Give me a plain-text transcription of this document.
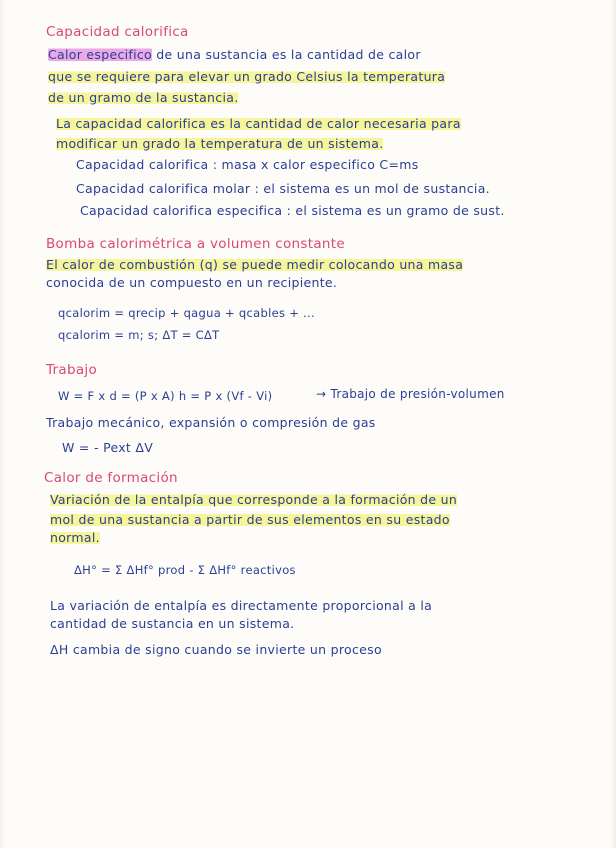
Capacidad calorifica
Calor especifico de una sustancia es la cantidad de calor
que se requiere para elevar un grado Celsius la temperatura
de un gramo de la sustancia.
La capacidad calorifica es la cantidad de calor necesaria para
modificar un grado la temperatura de un sistema.
Capacidad calorifica : masa x calor especifico C=ms
Capacidad calorifica molar : el sistema es un mol de sustancia.
Capacidad calorifica especifica : el sistema es un gramo de sust.
Bomba calorimétrica a volumen constante
El calor de combustión (q) se puede medir colocando una masa
conocida de un compuesto en un recipiente.
qcalorim = qrecip + qagua + qcables + ...
qcalorim = m; s; ΔT = CΔT
Trabajo
W = F x d = (P x A) h = P x (Vf - Vi)	→ Trabajo de presión-volumen
Trabajo mecánico, expansión o compresión de gas
W = - Pext ΔV
Calor de formación
Variación de la entalpía que corresponde a la formación de un
mol de una sustancia a partir de sus elementos en su estado
normal.
ΔH° = Σ ΔHf° prod - Σ ΔHf° reactivos
La variación de entalpía es directamente proporcional a la
cantidad de sustancia en un sistema.
ΔH cambia de signo cuando se invierte un proceso
